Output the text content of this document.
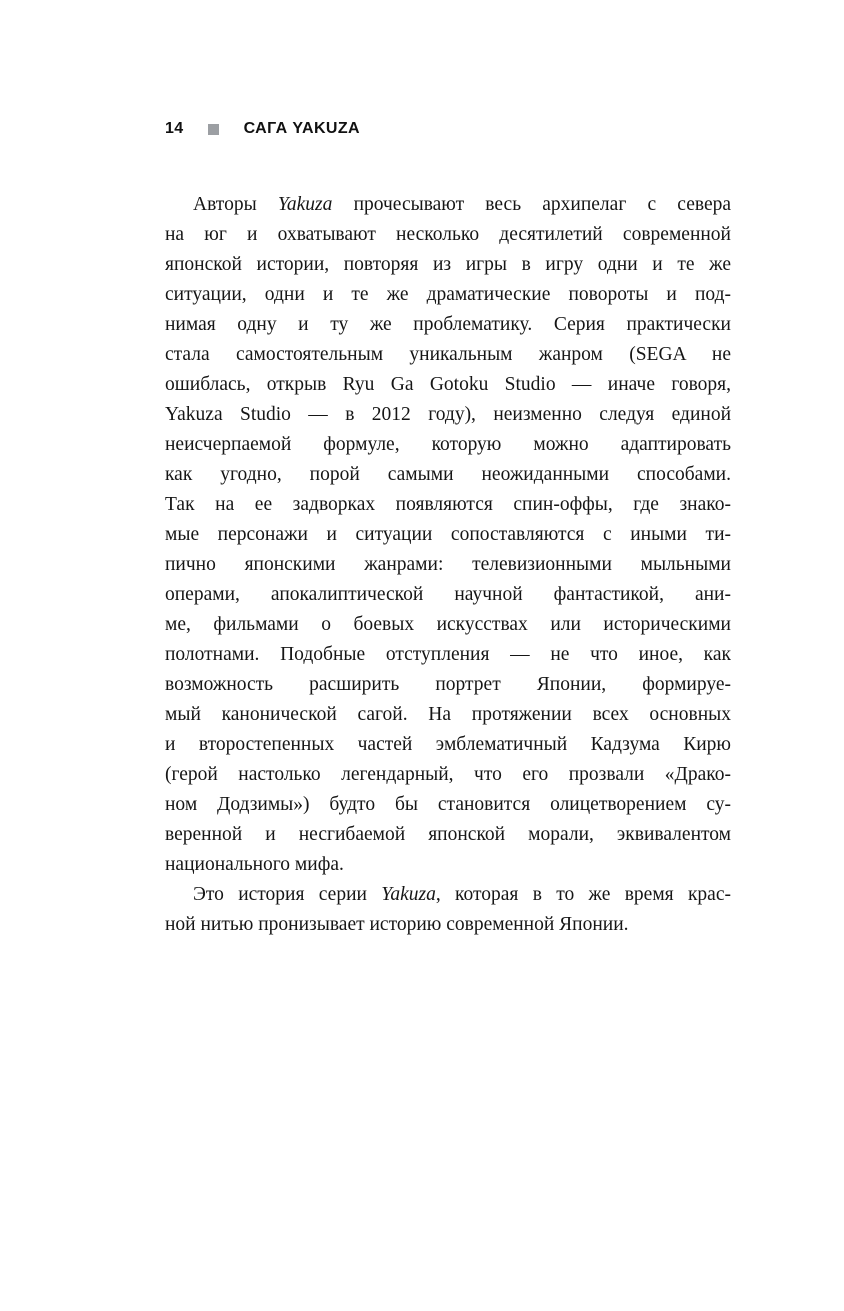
14	САГА YAKUZA
Авторы Yakuza прочесывают весь архипелаг с севера
на юг и охватывают несколько десятилетий современной
японской истории, повторяя из игры в игру одни и те же
ситуации, одни и те же драматические повороты и под-
нимая одну и ту же проблематику. Серия практически
стала самостоятельным уникальным жанром (SEGA не
ошиблась, открыв Ryu Ga Gotoku Studio — иначе говоря,
Yakuza Studio — в 2012 году), неизменно следуя единой
неисчерпаемой формуле, которую можно адаптировать
как угодно, порой самыми неожиданными способами.
Так на ее задворках появляются спин-оффы, где знако-
мые персонажи и ситуации сопоставляются с иными ти-
пично японскими жанрами: телевизионными мыльными
операми, апокалиптической научной фантастикой, ани-
ме, фильмами о боевых искусствах или историческими
полотнами. Подобные отступления — не что иное, как
возможность расширить портрет Японии, формируе-
мый канонической сагой. На протяжении всех основных
и второстепенных частей эмблематичный Кадзума Кирю
(герой настолько легендарный, что его прозвали «Драко-
ном Додзимы») будто бы становится олицетворением су-
веренной и несгибаемой японской морали, эквивалентом
национального мифа.
Это история серии Yakuza, которая в то же время крас-
ной нитью пронизывает историю современной Японии.
